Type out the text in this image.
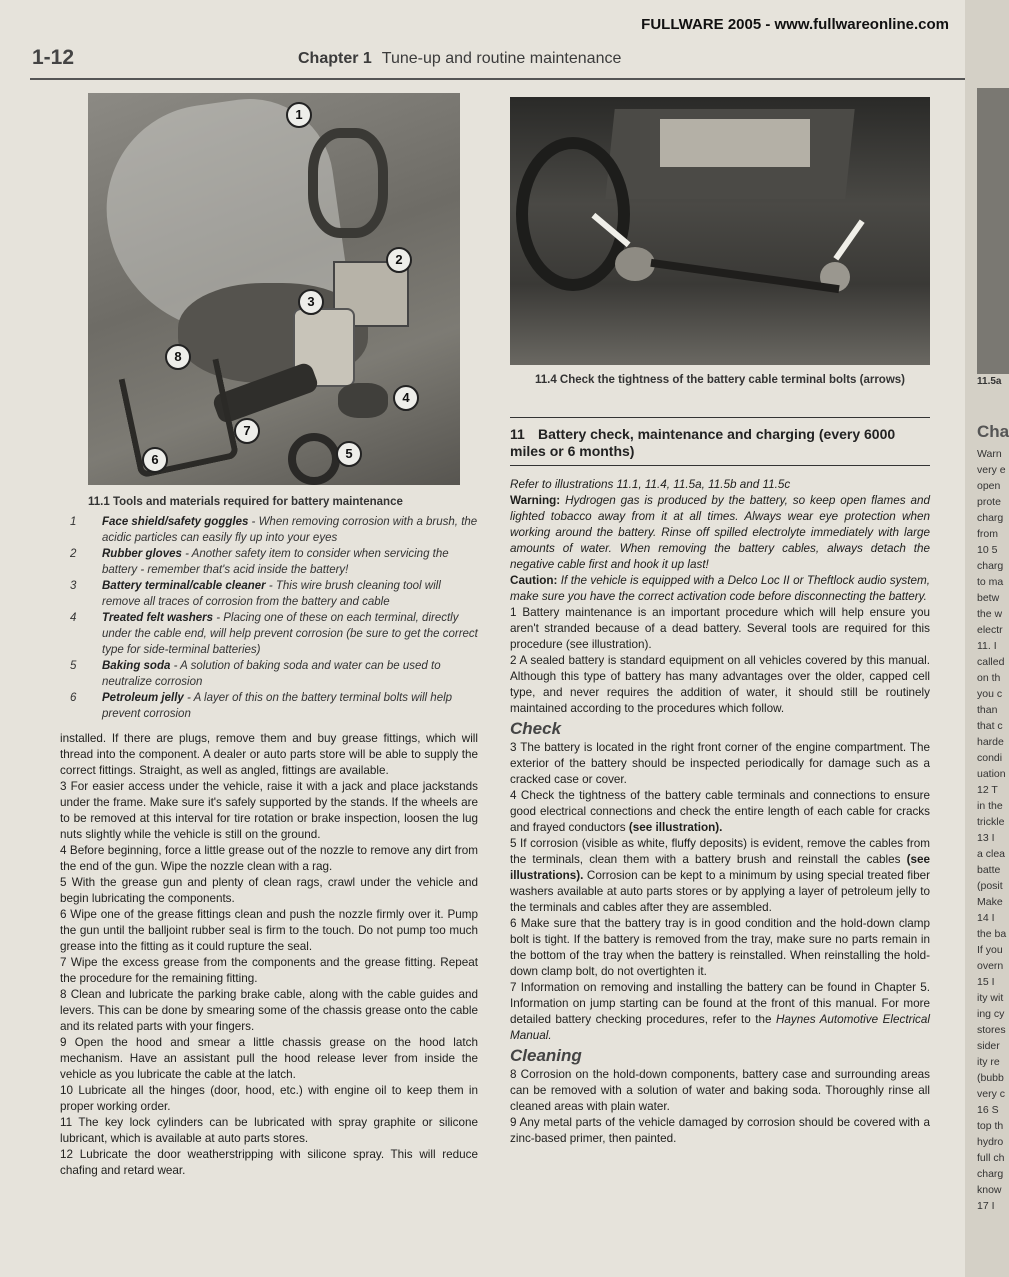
FULLWARE 2005 - www.fullwareonline.com
1-12	Chapter 1 Tune-up and routine maintenance
1
2
3
4
5
6
7
8
11.1 Tools and materials required for battery maintenance
1	Face shield/safety goggles - When removing corrosion with a brush, the acidic particles can easily fly up into your eyes
2	Rubber gloves - Another safety item to consider when servicing the battery - remember that's acid inside the battery!
3	Battery terminal/cable cleaner - This wire brush cleaning tool will remove all traces of corrosion from the battery and cable
4	Treated felt washers - Placing one of these on each terminal, directly under the cable end, will help prevent corrosion (be sure to get the correct type for side-terminal batteries)
5	Baking soda - A solution of baking soda and water can be used to neutralize corrosion
6	Petroleum jelly - A layer of this on the battery terminal bolts will help prevent corrosion

installed. If there are plugs, remove them and buy grease fittings, which will thread into the component. A dealer or auto parts store will be able to supply the correct fittings. Straight, as well as angled, fittings are available.

3 For easier access under the vehicle, raise it with a jack and place jackstands under the frame. Make sure it's safely supported by the stands. If the wheels are to be removed at this interval for tire rotation or brake inspection, loosen the lug nuts slightly while the vehicle is still on the ground.

4 Before beginning, force a little grease out of the nozzle to remove any dirt from the end of the gun. Wipe the nozzle clean with a rag.

5 With the grease gun and plenty of clean rags, crawl under the vehicle and begin lubricating the components.

6 Wipe one of the grease fittings clean and push the nozzle firmly over it. Pump the gun until the balljoint rubber seal is firm to the touch. Do not pump too much grease into the fitting as it could rupture the seal.

7 Wipe the excess grease from the components and the grease fitting. Repeat the procedure for the remaining fitting.

8 Clean and lubricate the parking brake cable, along with the cable guides and levers. This can be done by smearing some of the chassis grease onto the cable and its related parts with your fingers.

9 Open the hood and smear a little chassis grease on the hood latch mechanism. Have an assistant pull the hood release lever from inside the vehicle as you lubricate the cable at the latch.

10 Lubricate all the hinges (door, hood, etc.) with engine oil to keep them in proper working order.

11 The key lock cylinders can be lubricated with spray graphite or silicone lubricant, which is available at auto parts stores.

12 Lubricate the door weatherstripping with silicone spray. This will reduce chafing and retard wear.

11.4 Check the tightness of the battery cable terminal bolts (arrows)
11 Battery check, maintenance and charging (every 6000 miles or 6 months)

Refer to illustrations 11.1, 11.4, 11.5a, 11.5b and 11.5c

Warning: Hydrogen gas is produced by the battery, so keep open flames and lighted tobacco away from it at all times. Always wear eye protection when working around the battery. Rinse off spilled electrolyte immediately with large amounts of water. When removing the battery cables, always detach the negative cable first and hook it up last!

Caution: If the vehicle is equipped with a Delco Loc II or Theftlock audio system, make sure you have the correct activation code before disconnecting the battery.

1 Battery maintenance is an important procedure which will help ensure you aren't stranded because of a dead battery. Several tools are required for this procedure (see illustration).

2 A sealed battery is standard equipment on all vehicles covered by this manual. Although this type of battery has many advantages over the older, capped cell type, and never requires the addition of water, it should still be routinely maintained according to the procedures which follow.

Check

3 The battery is located in the right front corner of the engine compartment. The exterior of the battery should be inspected periodically for damage such as a cracked case or cover.

4 Check the tightness of the battery cable terminals and connections to ensure good electrical connections and check the entire length of each cable for cracks and frayed conductors (see illustration).

5 If corrosion (visible as white, fluffy deposits) is evident, remove the cables from the terminals, clean them with a battery brush and reinstall the cables (see illustrations). Corrosion can be kept to a minimum by using special treated fiber washers available at auto parts stores or by applying a layer of petroleum jelly to the terminals and cables after they are assembled.

6 Make sure that the battery tray is in good condition and the hold-down clamp bolt is tight. If the battery is removed from the tray, make sure no parts remain in the bottom of the tray when the battery is reinstalled. When reinstalling the hold-down clamp bolt, do not overtighten it.

7 Information on removing and installing the battery can be found in Chapter 5. Information on jump starting can be found at the front of this manual. For more detailed battery checking procedures, refer to the Haynes Automotive Electrical Manual.

Cleaning

8 Corrosion on the hold-down components, battery case and surrounding areas can be removed with a solution of water and baking soda. Thoroughly rinse all cleaned areas with plain water.

9 Any metal parts of the vehicle damaged by corrosion should be covered with a zinc-based primer, then painted.

11.5a
Cha
Warn
very e
open
prote
charg
from
10 5
charg
to ma
betw
the w
electr
11. I
called
on th
you c
than
that c
harde
condi
uation
12 T
in the
trickle
13 I
a clea
batte
(posit
Make
14 I
the ba
If you
overn
15 I
ity wit
ing cy
stores
sider
ity re
(bubb
very c
16 S
top th
hydro
full ch
charg
know
17 I
